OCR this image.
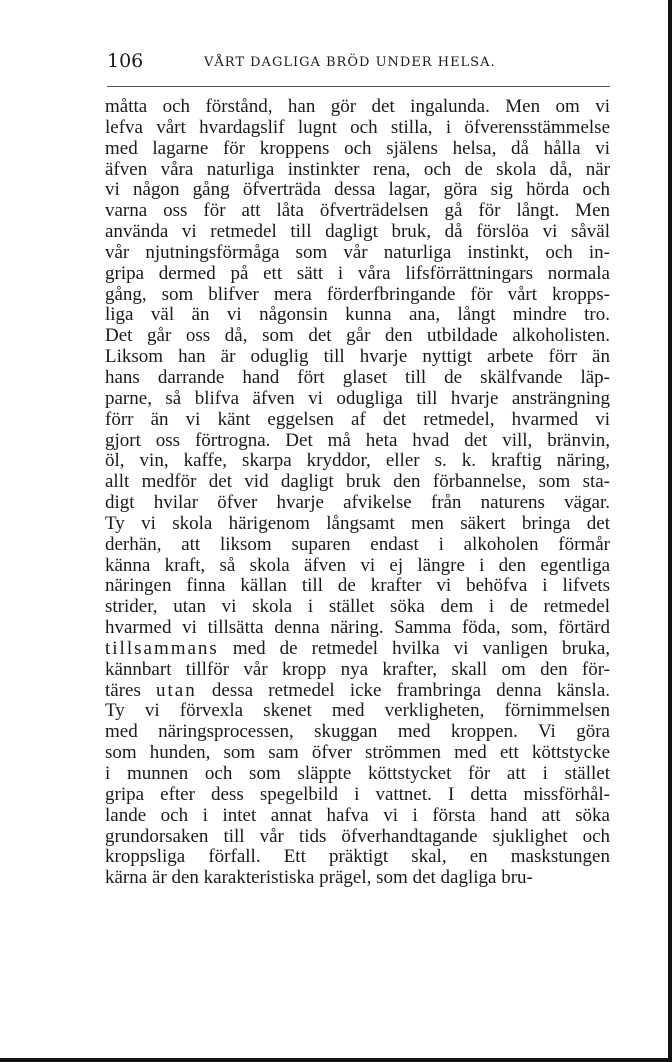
106	VÅRT DAGLIGA BRÖD UNDER HELSA.
måtta och förstånd, han gör det ingalunda. Men om vi
lefva vårt hvardagslif lugnt och stilla, i öfverensstämmelse
med lagarne för kroppens och själens helsa, då hålla vi
äfven våra naturliga instinkter rena, och de skola då, när
vi någon gång öfverträda dessa lagar, göra sig hörda och
varna oss för att låta öfverträdelsen gå för långt. Men
använda vi retmedel till dagligt bruk, då förslöa vi såväl
vår njutningsförmåga som vår naturliga instinkt, och in-
gripa dermed på ett sätt i våra lifsförrättningars normala
gång, som blifver mera förderfbringande för vårt kropps-
liga väl än vi någonsin kunna ana, långt mindre tro.
Det går oss då, som det går den utbildade alkoholisten.
Liksom han är oduglig till hvarje nyttigt arbete förr än
hans darrande hand fört glaset till de skälfvande läp-
parne, så blifva äfven vi odugliga till hvarje ansträngning
förr än vi känt eggelsen af det retmedel, hvarmed vi
gjort oss förtrogna. Det må heta hvad det vill, bränvin,
öl, vin, kaffe, skarpa kryddor, eller s. k. kraftig näring,
allt medför det vid dagligt bruk den förbannelse, som sta-
digt hvilar öfver hvarje afvikelse från naturens vägar.
Ty vi skola härigenom långsamt men säkert bringa det
derhän, att liksom suparen endast i alkoholen förmår
känna kraft, så skola äfven vi ej längre i den egentliga
näringen finna källan till de krafter vi behöfva i lifvets
strider, utan vi skola i stället söka dem i de retmedel
hvarmed vi tillsätta denna näring. Samma föda, som, förtärd
tillsammans med de retmedel hvilka vi vanligen bruka,
kännbart tillför vår kropp nya krafter, skall om den för-
täres utan dessa retmedel icke frambringa denna känsla.
Ty vi förvexla skenet med verkligheten, förnimmelsen
med näringsprocessen, skuggan med kroppen. Vi göra
som hunden, som sam öfver strömmen med ett köttstycke
i munnen och som släppte köttstycket för att i stället
gripa efter dess spegelbild i vattnet. I detta missförhål-
lande och i intet annat hafva vi i första hand att söka
grundorsaken till vår tids öfverhandtagande sjuklighet och
kroppsliga förfall. Ett präktigt skal, en maskstungen
kärna är den karakteristiska prägel, som det dagliga bru-
